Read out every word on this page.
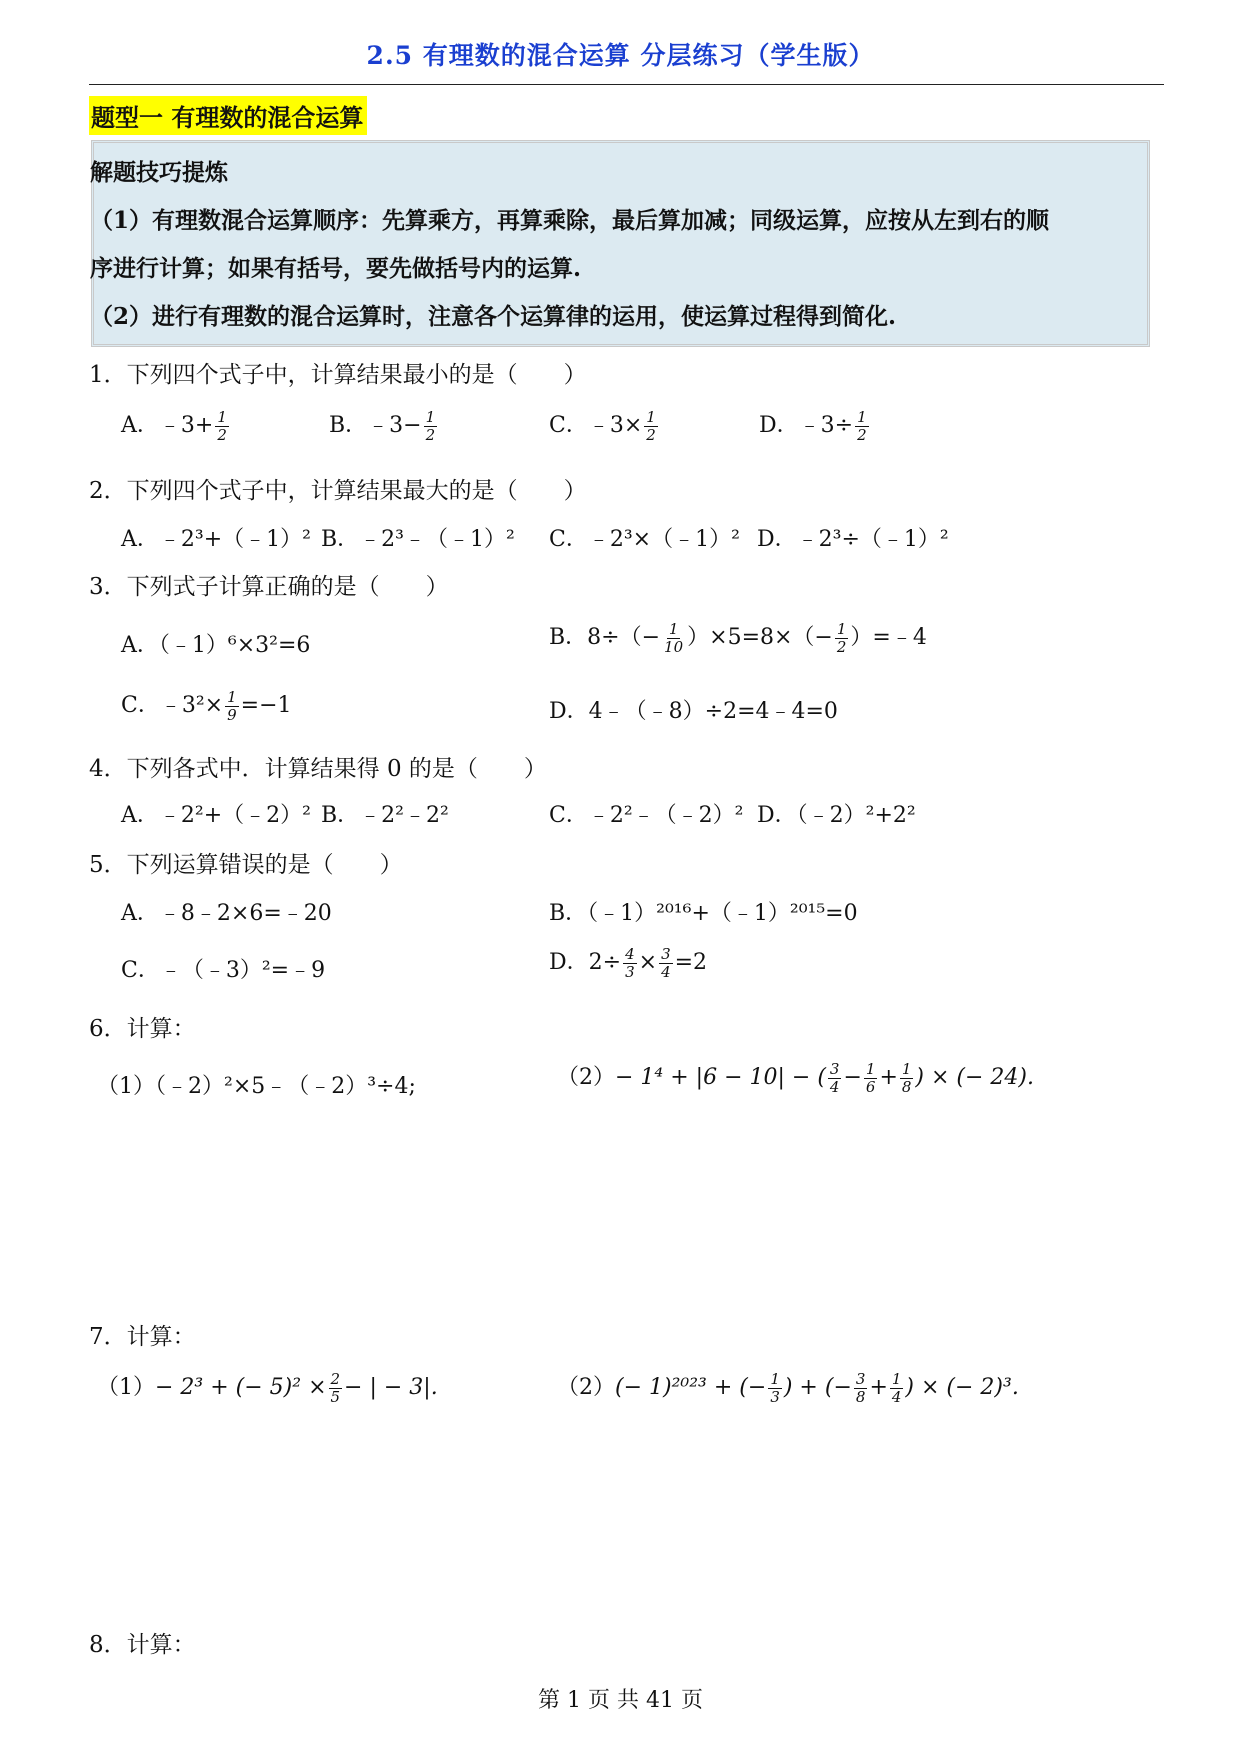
2.5 有理数的混合运算 分层练习（学生版）
题型一 有理数的混合运算
解题技巧提炼
（1）有理数混合运算顺序：先算乘方，再算乘除，最后算加减；同级运算，应按从左到右的顺
序进行计算；如果有括号，要先做括号内的运算.
（2）进行有理数的混合运算时，注意各个运算律的运用，使运算过程得到简化.
1．下列四个式子中，计算结果最小的是（　　）
A．﹣3+ $\frac{1}{2}$	B．﹣3− $\frac{1}{2}$	C．﹣3× $\frac{1}{2}$	D．﹣3÷ $\frac{1}{2}$
2．下列四个式子中，计算结果最大的是（　　）
A．﹣2³+（﹣1）² B．﹣2³﹣（﹣1）² C．﹣2³×（﹣1）² D．﹣2³÷（﹣1）²
3．下列式子计算正确的是（　　）
A．（﹣1）⁶×3²=6	B．$8\div(- \frac{1}{10} )\times 5=8\times(- \frac{1}{2}$ ）=﹣4
C．﹣3²× $\frac{1}{9} =-1$	D．4﹣（﹣8）÷2=4﹣4=0
4．下列各式中．计算结果得 0 的是（　　）
A．﹣2²+（﹣2）² B．﹣2²﹣2²	C．﹣2²﹣（﹣2）² D．（﹣2）²+2²
5．下列运算错误的是（　　）
A．﹣8﹣2×6=﹣20	B．（﹣1）²⁰¹⁶+（﹣1）²⁰¹⁵=0
C．﹣（﹣3）²=﹣9	D．$2\div \frac{4}{3} \times \frac{3}{4} =2$
6．计算：
（1）（﹣2）²×5﹣（﹣2）³÷4;	（2）− 1⁴ + |6 − 10| − ( $\frac{3}{4} - \frac{1}{6} + \frac{1}{8}$ ) × (− 24).
7．计算：
（1）− 2³ + (− $5)^2 \times \frac{2}{5}$ − | − 3|.	（2）(− 1)²⁰²³ + (− $\frac{1}{3}$ ) + (− $\frac{3}{8} + \frac{1}{4}$ ) × (− 2)³.
8．计算：
第 1 页 共 41 页
